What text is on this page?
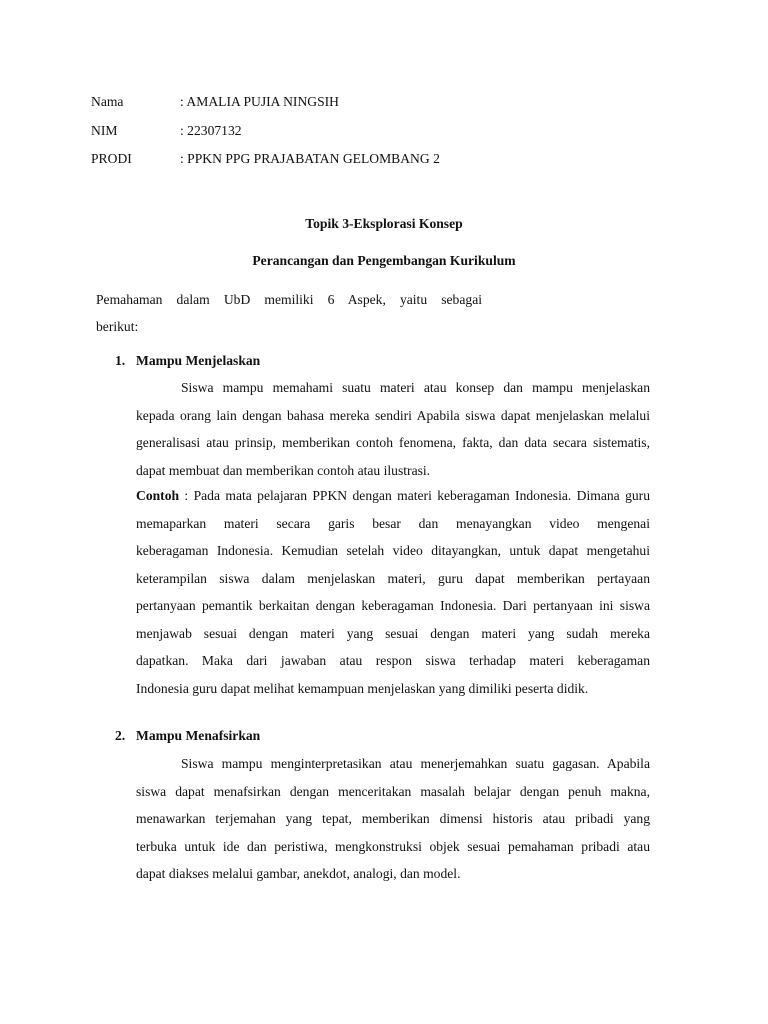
Nama	: AMALIA PUJIA NINGSIH
NIM	: 22307132
PRODI	: PPKN PPG PRAJABATAN GELOMBANG 2
Topik 3-Eksplorasi Konsep
Perancangan dan Pengembangan Kurikulum
Pemahaman dalam UbD memiliki 6 Aspek, yaitu sebagai
berikut:
1. Mampu Menjelaskan
Siswa mampu memahami suatu materi atau konsep dan mampu menjelaskan
kepada orang lain dengan bahasa mereka sendiri Apabila siswa dapat menjelaskan melalui
generalisasi atau prinsip, memberikan contoh fenomena, fakta, dan data secara sistematis,
dapat membuat dan memberikan contoh atau ilustrasi.
Contoh : Pada mata pelajaran PPKN dengan materi keberagaman Indonesia. Dimana guru
memaparkan materi secara garis besar dan menayangkan video mengenai
keberagaman Indonesia. Kemudian setelah video ditayangkan, untuk dapat mengetahui
keterampilan siswa dalam menjelaskan materi, guru dapat memberikan pertayaan
pertanyaan pemantik berkaitan dengan keberagaman Indonesia. Dari pertanyaan ini siswa
menjawab sesuai dengan materi yang sesuai dengan materi yang sudah mereka
dapatkan. Maka dari jawaban atau respon siswa terhadap materi keberagaman
Indonesia guru dapat melihat kemampuan menjelaskan yang dimiliki peserta didik.
2. Mampu Menafsirkan
Siswa mampu menginterpretasikan atau menerjemahkan suatu gagasan. Apabila
siswa dapat menafsirkan dengan menceritakan masalah belajar dengan penuh makna,
menawarkan terjemahan yang tepat, memberikan dimensi historis atau pribadi yang
terbuka untuk ide dan peristiwa, mengkonstruksi objek sesuai pemahaman pribadi atau
dapat diakses melalui gambar, anekdot, analogi, dan model.
